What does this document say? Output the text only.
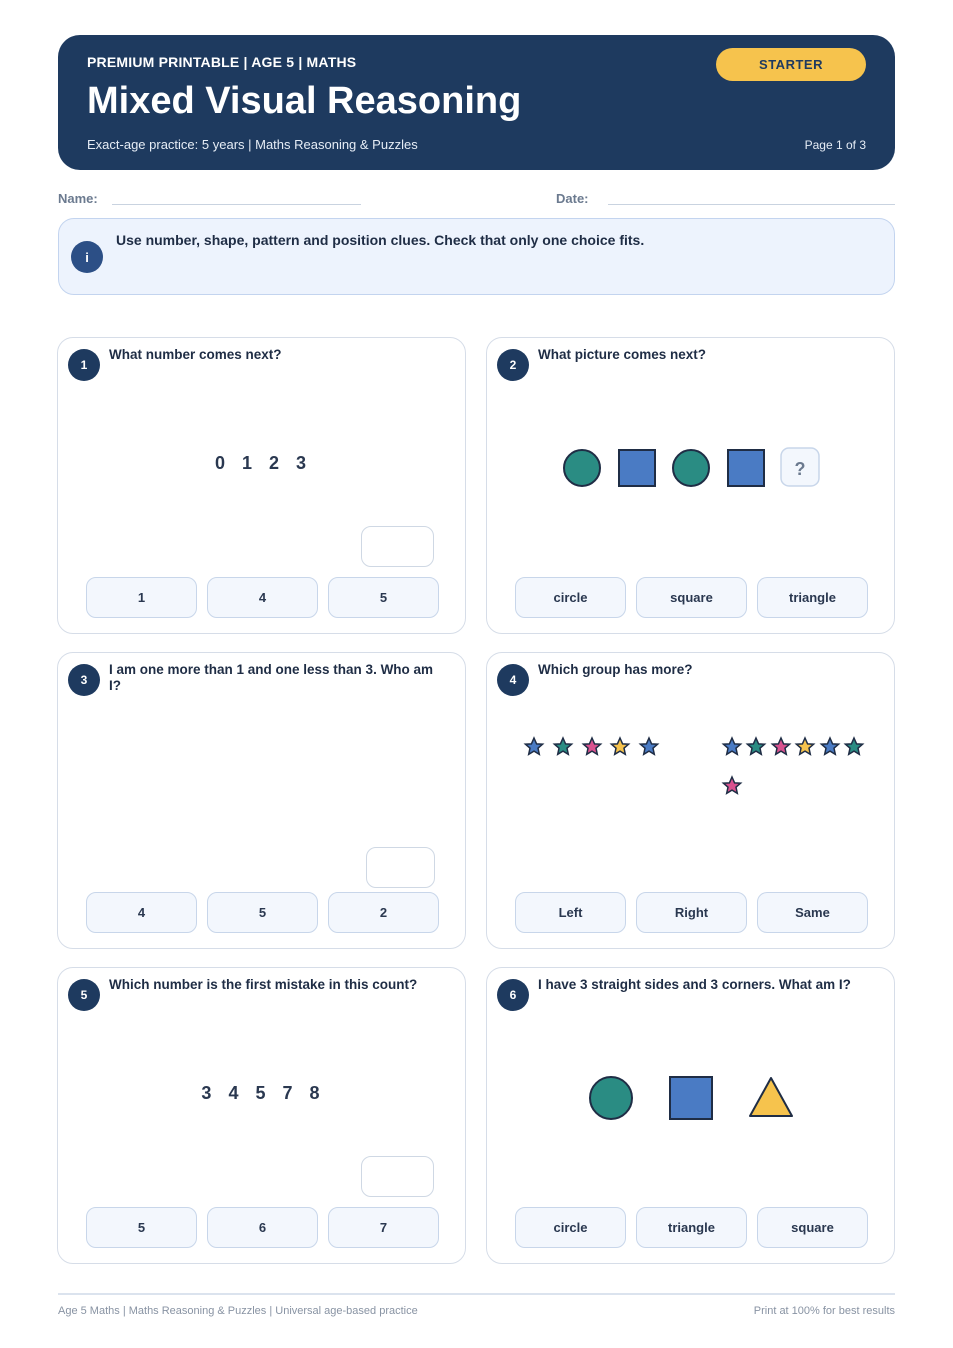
PREMIUM PRINTABLE | AGE 5 | MATHS
Mixed Visual Reasoning
Exact-age practice: 5 years | Maths Reasoning & Puzzles	Page 1 of 3
STARTER
Name:	Date:
i
Use number, shape, pattern and position clues. Check that only one choice fits.
1
What number comes next?
0 1 2 3
1	4	5
2
What picture comes next?
?
circle	square	triangle
3
I am one more than 1 and one less than 3. Who am I?
4	5	2
4
Which group has more?
Left	Right	Same
5
Which number is the first mistake in this count?
3 4 5 7 8
5	6	7
6
I have 3 straight sides and 3 corners. What am I?
circle	triangle	square
Age 5 Maths | Maths Reasoning & Puzzles | Universal age-based practice	Print at 100% for best results
